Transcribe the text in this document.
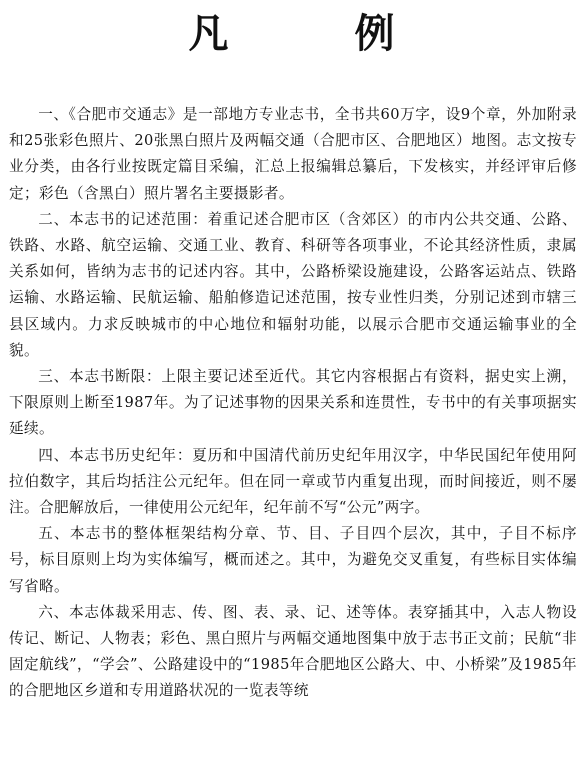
凡 例

一、《合肥市交通志》是一部地方专业志书，全书共60万字，设9个章，外加附录和25张彩色照片、20张黑白照片及两幅交通（合肥市区、合肥地区）地图。志文按专业分类，由各行业按既定篇目采编，汇总上报编辑总纂后，下发核实，并经评审后修定；彩色（含黑白）照片署名主要摄影者。

二、本志书的记述范围：着重记述合肥市区（含郊区）的市内公共交通、公路、铁路、水路、航空运输、交通工业、教育、科研等各项事业，不论其经济性质，隶属关系如何，皆纳为志书的记述内容。其中，公路桥梁设施建设，公路客运站点、铁路运输、水路运输、民航运输、船舶修造记述范围，按专业性归类，分别记述到市辖三县区域内。力求反映城市的中心地位和辐射功能，以展示合肥市交通运输事业的全貌。

三、本志书断限：上限主要记述至近代。其它内容根据占有资料，据史实上溯，下限原则上断至1987年。为了记述事物的因果关系和连贯性，专书中的有关事项据实延续。

四、本志书历史纪年：夏历和中国清代前历史纪年用汉字，中华民国纪年使用阿拉伯数字，其后均括注公元纪年。但在同一章或节内重复出现，而时间接近，则不屡注。合肥解放后，一律使用公元纪年，纪年前不写“公元”两字。

五、本志书的整体框架结构分章、节、目、子目四个层次，其中，子目不标序号，标目原则上均为实体编写，概而述之。其中，为避免交叉重复，有些标目实体编写省略。

六、本志体裁采用志、传、图、表、录、记、述等体。表穿插其中，入志人物设传记、断记、人物表；彩色、黑白照片与两幅交通地图集中放于志书正文前；民航“非固定航线”，“学会”、公路建设中的“1985年合肥地区公路大、中、小桥梁”及1985年的合肥地区乡道和专用道路状况的一览表等统
